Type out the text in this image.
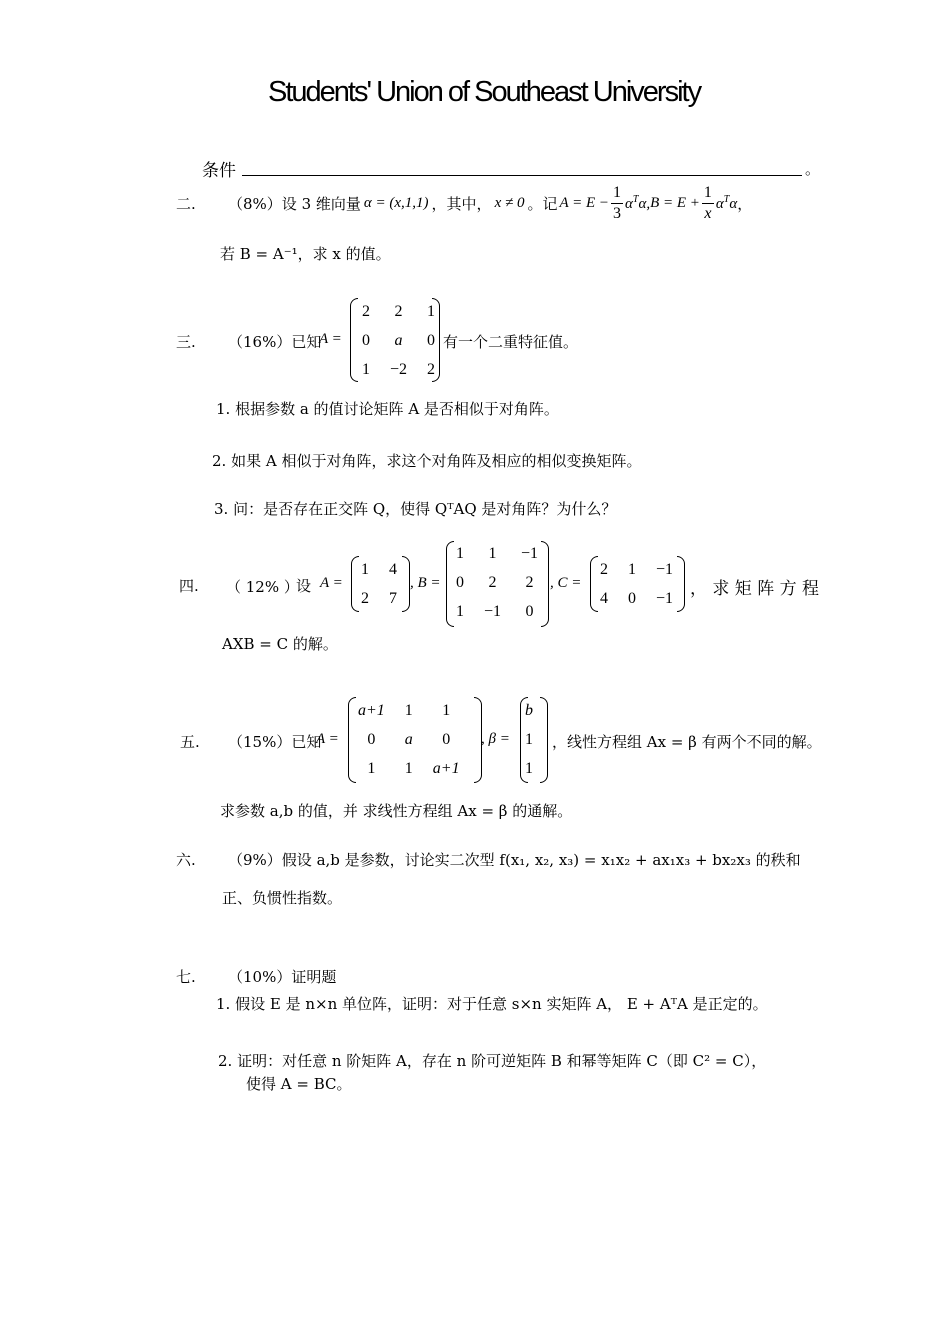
Students' Union of Southeast University
条件	。
二. （8%） 设 3 维向量 α = (x,1,1) ，其中， x ≠ 0 。记 $A = E - \frac{1}{3} \alpha^T\alpha$, $B = E + \frac{1}{x} \alpha^T\alpha$ ，
若 B = A⁻¹，求 x 的值。
三. （16%）已知
A =
2	2	1
0	a	0
1	−2	2
有一个二重特征值。
1. 根据参数 a 的值讨论矩阵 A 是否相似于对角阵。
2. 如果 A 相似于对角阵，求这个对角阵及相应的相似变换矩阵。
3. 问：是否存在正交阵 Q，使得 QᵀAQ 是对角阵？为什么？
四. （ 12% ）
设 A =
1	4
2	7
, B =
1	1	−1
0	2	2
1	−1	0
, C =
2	1	−1
4	0	−1 ， 求 矩 阵 方 程
AXB = C 的解。
五. （15%）已知
A =
a+1	1	1
0	a	0
1	1	a+1
, β =
b
1
1
，线性方程组 Ax = β 有两个不同的解。
求参数 a,b 的值，并 求线性方程组 Ax = β 的通解。
六. （9%）假设 a,b 是参数，讨论实二次型 f(x₁, x₂, x₃) = x₁x₂ + ax₁x₃ + bx₂x₃ 的秩和
正、负惯性指数。
七. （10%）证明题
1. 假设 E 是 n×n 单位阵，证明：对于任意 s×n 实矩阵 A， E + AᵀA 是正定的。
2. 证明：对任意 n 阶矩阵 A，存在 n 阶可逆矩阵 B 和幂等矩阵 C（即 C² = C），
使得 A = BC。
